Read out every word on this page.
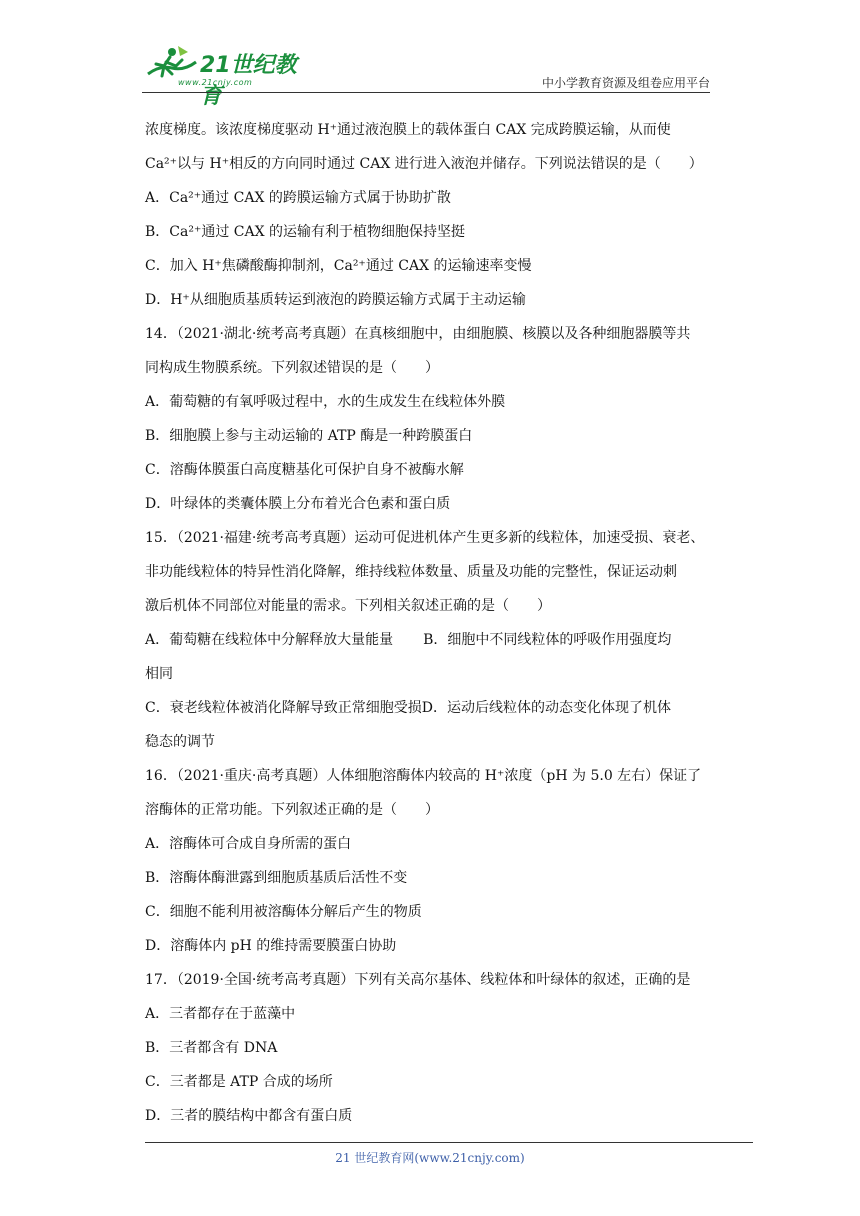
21世纪教育
www.21cnjy.com	中小学教育资源及组卷应用平台
浓度梯度。该浓度梯度驱动 H⁺通过液泡膜上的载体蛋白 CAX 完成跨膜运输，从而使
Ca²⁺以与 H⁺相反的方向同时通过 CAX 进行进入液泡并储存。下列说法错误的是（　　）
A．Ca²⁺通过 CAX 的跨膜运输方式属于协助扩散
B．Ca²⁺通过 CAX 的运输有利于植物细胞保持坚挺
C．加入 H⁺焦磷酸酶抑制剂，Ca²⁺通过 CAX 的运输速率变慢
D．H⁺从细胞质基质转运到液泡的跨膜运输方式属于主动运输
14．（2021·湖北·统考高考真题）在真核细胞中，由细胞膜、核膜以及各种细胞器膜等共
同构成生物膜系统。下列叙述错误的是（　　）
A．葡萄糖的有氧呼吸过程中，水的生成发生在线粒体外膜
B．细胞膜上参与主动运输的 ATP 酶是一种跨膜蛋白
C．溶酶体膜蛋白高度糖基化可保护自身不被酶水解
D．叶绿体的类囊体膜上分布着光合色素和蛋白质
15．（2021·福建·统考高考真题）运动可促进机体产生更多新的线粒体，加速受损、衰老、
非功能线粒体的特异性消化降解，维持线粒体数量、质量及功能的完整性，保证运动刺
激后机体不同部位对能量的需求。下列相关叙述正确的是（　　）
A．葡萄糖在线粒体中分解释放大量能量 B．细胞中不同线粒体的呼吸作用强度均
相同
C．衰老线粒体被消化降解导致正常细胞受损D．运动后线粒体的动态变化体现了机体
稳态的调节
16．（2021·重庆·高考真题）人体细胞溶酶体内较高的 H⁺浓度（pH 为 5.0 左右）保证了
溶酶体的正常功能。下列叙述正确的是（　　）
A．溶酶体可合成自身所需的蛋白
B．溶酶体酶泄露到细胞质基质后活性不变
C．细胞不能利用被溶酶体分解后产生的物质
D．溶酶体内 pH 的维持需要膜蛋白协助
17．（2019·全国·统考高考真题）下列有关高尔基体、线粒体和叶绿体的叙述，正确的是
A．三者都存在于蓝藻中
B．三者都含有 DNA
C．三者都是 ATP 合成的场所
D．三者的膜结构中都含有蛋白质
21 世纪教育网(www.21cnjy.com)
